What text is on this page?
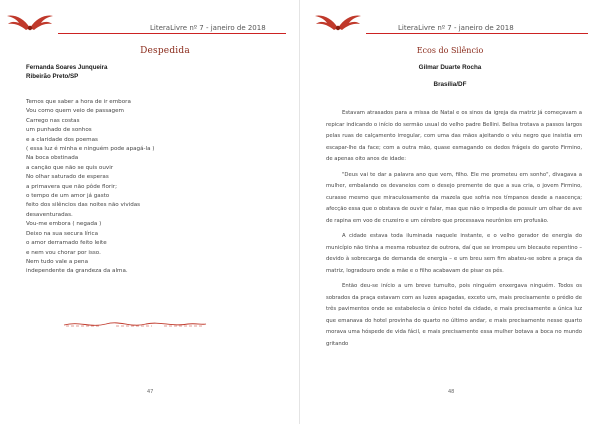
LiteraLivre nº 7 - janeiro de 2018
Despedida
Fernanda Soares Junqueira
Ribeirão Preto/SP
Temos que saber a hora de ir embora
Vou como quem veio de passagem
Carrego nas costas
um punhado de sonhos
e a claridade dos poemas
( essa luz é minha e ninguém pode apagá-la )
Na boca obstinada
a canção que não se quis ouvir
No olhar saturado de esperas
a primavera que não pôde florir;
o tempo de um amor já gasto
feito dos silêncios das noites não vividas
desaventuradas.
Vou-me embora ( negada )
Deixo na sua secura lírica
o amor derramado feito leite
e nem vou chorar por isso.
Nem tudo vale a pena
independente da grandeza da alma.
47
LiteraLivre nº 7 - janeiro de 2018
Ecos do Silêncio
Gilmar Duarte Rocha
Brasília/DF

Estavam atrasados para a missa de Natal e os sinos da igreja da matriz já começavam a repicar indicando o início do sermão usual do velho padre Bellini. Belisa trotava a passos largos pelas ruas de calçamento irregular, com uma das mãos ajeitando o véu negro que insistia em escapar-lhe da face; com a outra mão, quase esmagando os dedos frágeis do garoto Firmino, de apenas oito anos de idade:

"Deus vai te dar a palavra ano que vem, filho. Ele me prometeu em sonho", divagava a mulher, embalando os devaneios com o desejo premente de que a sua cria, o jovem Firmino, curasse mesmo que miraculosamente da mazela que sofria nos tímpanos desde a nascença; afecção essa que o obstava de ouvir e falar, mas que não o impedia de possuir um olhar de ave de rapina em voo de cruzeiro e um cérebro que processava neurônios em profusão.

A cidade estava toda iluminada naquele instante, e o velho gerador de energia do município não tinha a mesma robustez de outrora, daí que se irrompeu um blecaute repentino – devido à sobrecarga de demanda de energia – e um breu sem fim abateu-se sobre a praça da matriz, logradouro onde a mãe e o filho acabavam de pisar os pés.

Então deu-se início a um breve tumulto, pois ninguém enxergava ninguém. Todos os sobrados da praça estavam com as luzes apagadas, exceto um, mais precisamente o prédio de três pavimentos onde se estabelecia o único hotel da cidade, e mais precisamente a única luz que emanava do hotel provinha do quarto no último andar, e mais precisamente nesse quarto morava uma hóspede de vida fácil, e mais precisamente essa mulher botava a boca no mundo gritando

48
